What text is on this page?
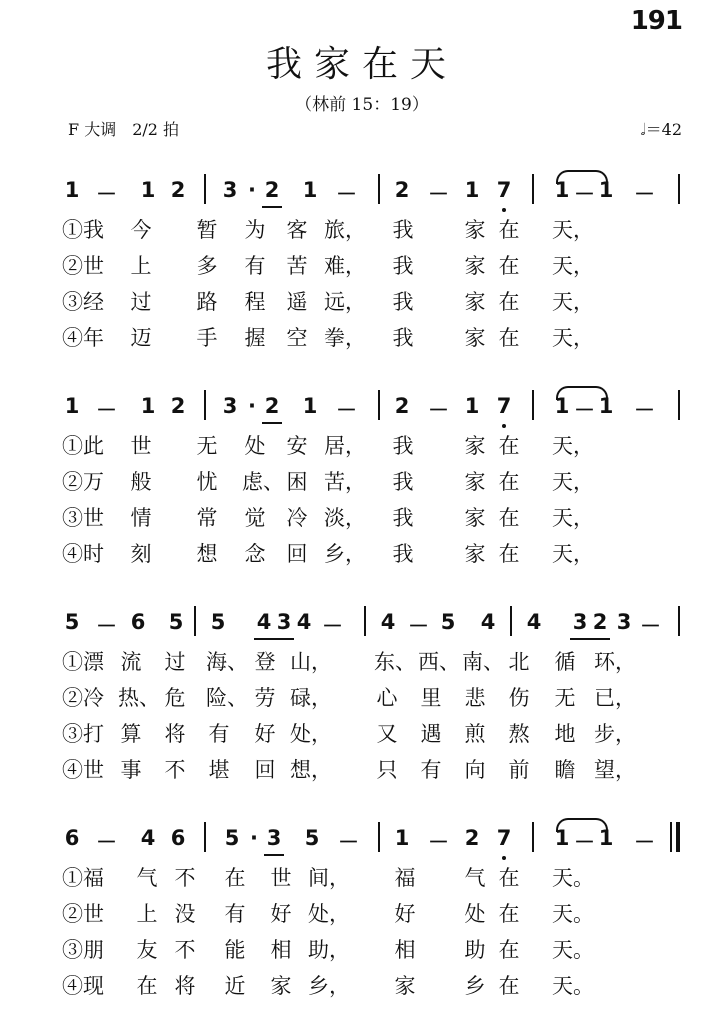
191
我家在天
（林前 15：19）
F 大调　2/2 拍	𝅗𝅥＝42
1 － 1 2 3 · 2 1 － 2 － 1 7 1 － 1 －
①我	今 暂 为 客 旅， 我 家 在 天，
②世	上 多 有 苦 难， 我 家 在 天，
③经	过 路 程 遥 远， 我 家 在 天，
④年	迈 手 握 空 拳， 我 家 在 天，
1 － 1 2 3 · 2 1 － 2 － 1 7 1 － 1 －
①此	世 无 处 安 居， 我 家 在 天，
②万	般 忧 虑、 困 苦， 我 家 在 天，
③世	情 常 觉 冷 淡， 我 家 在 天，
④时	刻 想 念 回 乡， 我 家 在 天，
5 － 6 5 5 4 3 4 － 4 － 5 4 4 3 2 3 －
①漂 流 过 海、 登 山， 东、 西、 南、 北 循 环，
②冷 热、 危 险、 劳 碌， 心 里 悲 伤 无 已，
③打 算 将 有 好 处， 又 遇 煎 熬 地 步，
④世 事 不 堪 回 想， 只 有 向 前 瞻 望，
6 － 4 6 5 · 3 5 － 1 － 2 7 1 － 1 －
①福	气 不 在 世 间， 福 气 在 天。
②世	上 没 有 好 处， 好 处 在 天。
③朋	友 不 能 相 助， 相 助 在 天。
④现	在 将 近 家 乡， 家 乡 在 天。
